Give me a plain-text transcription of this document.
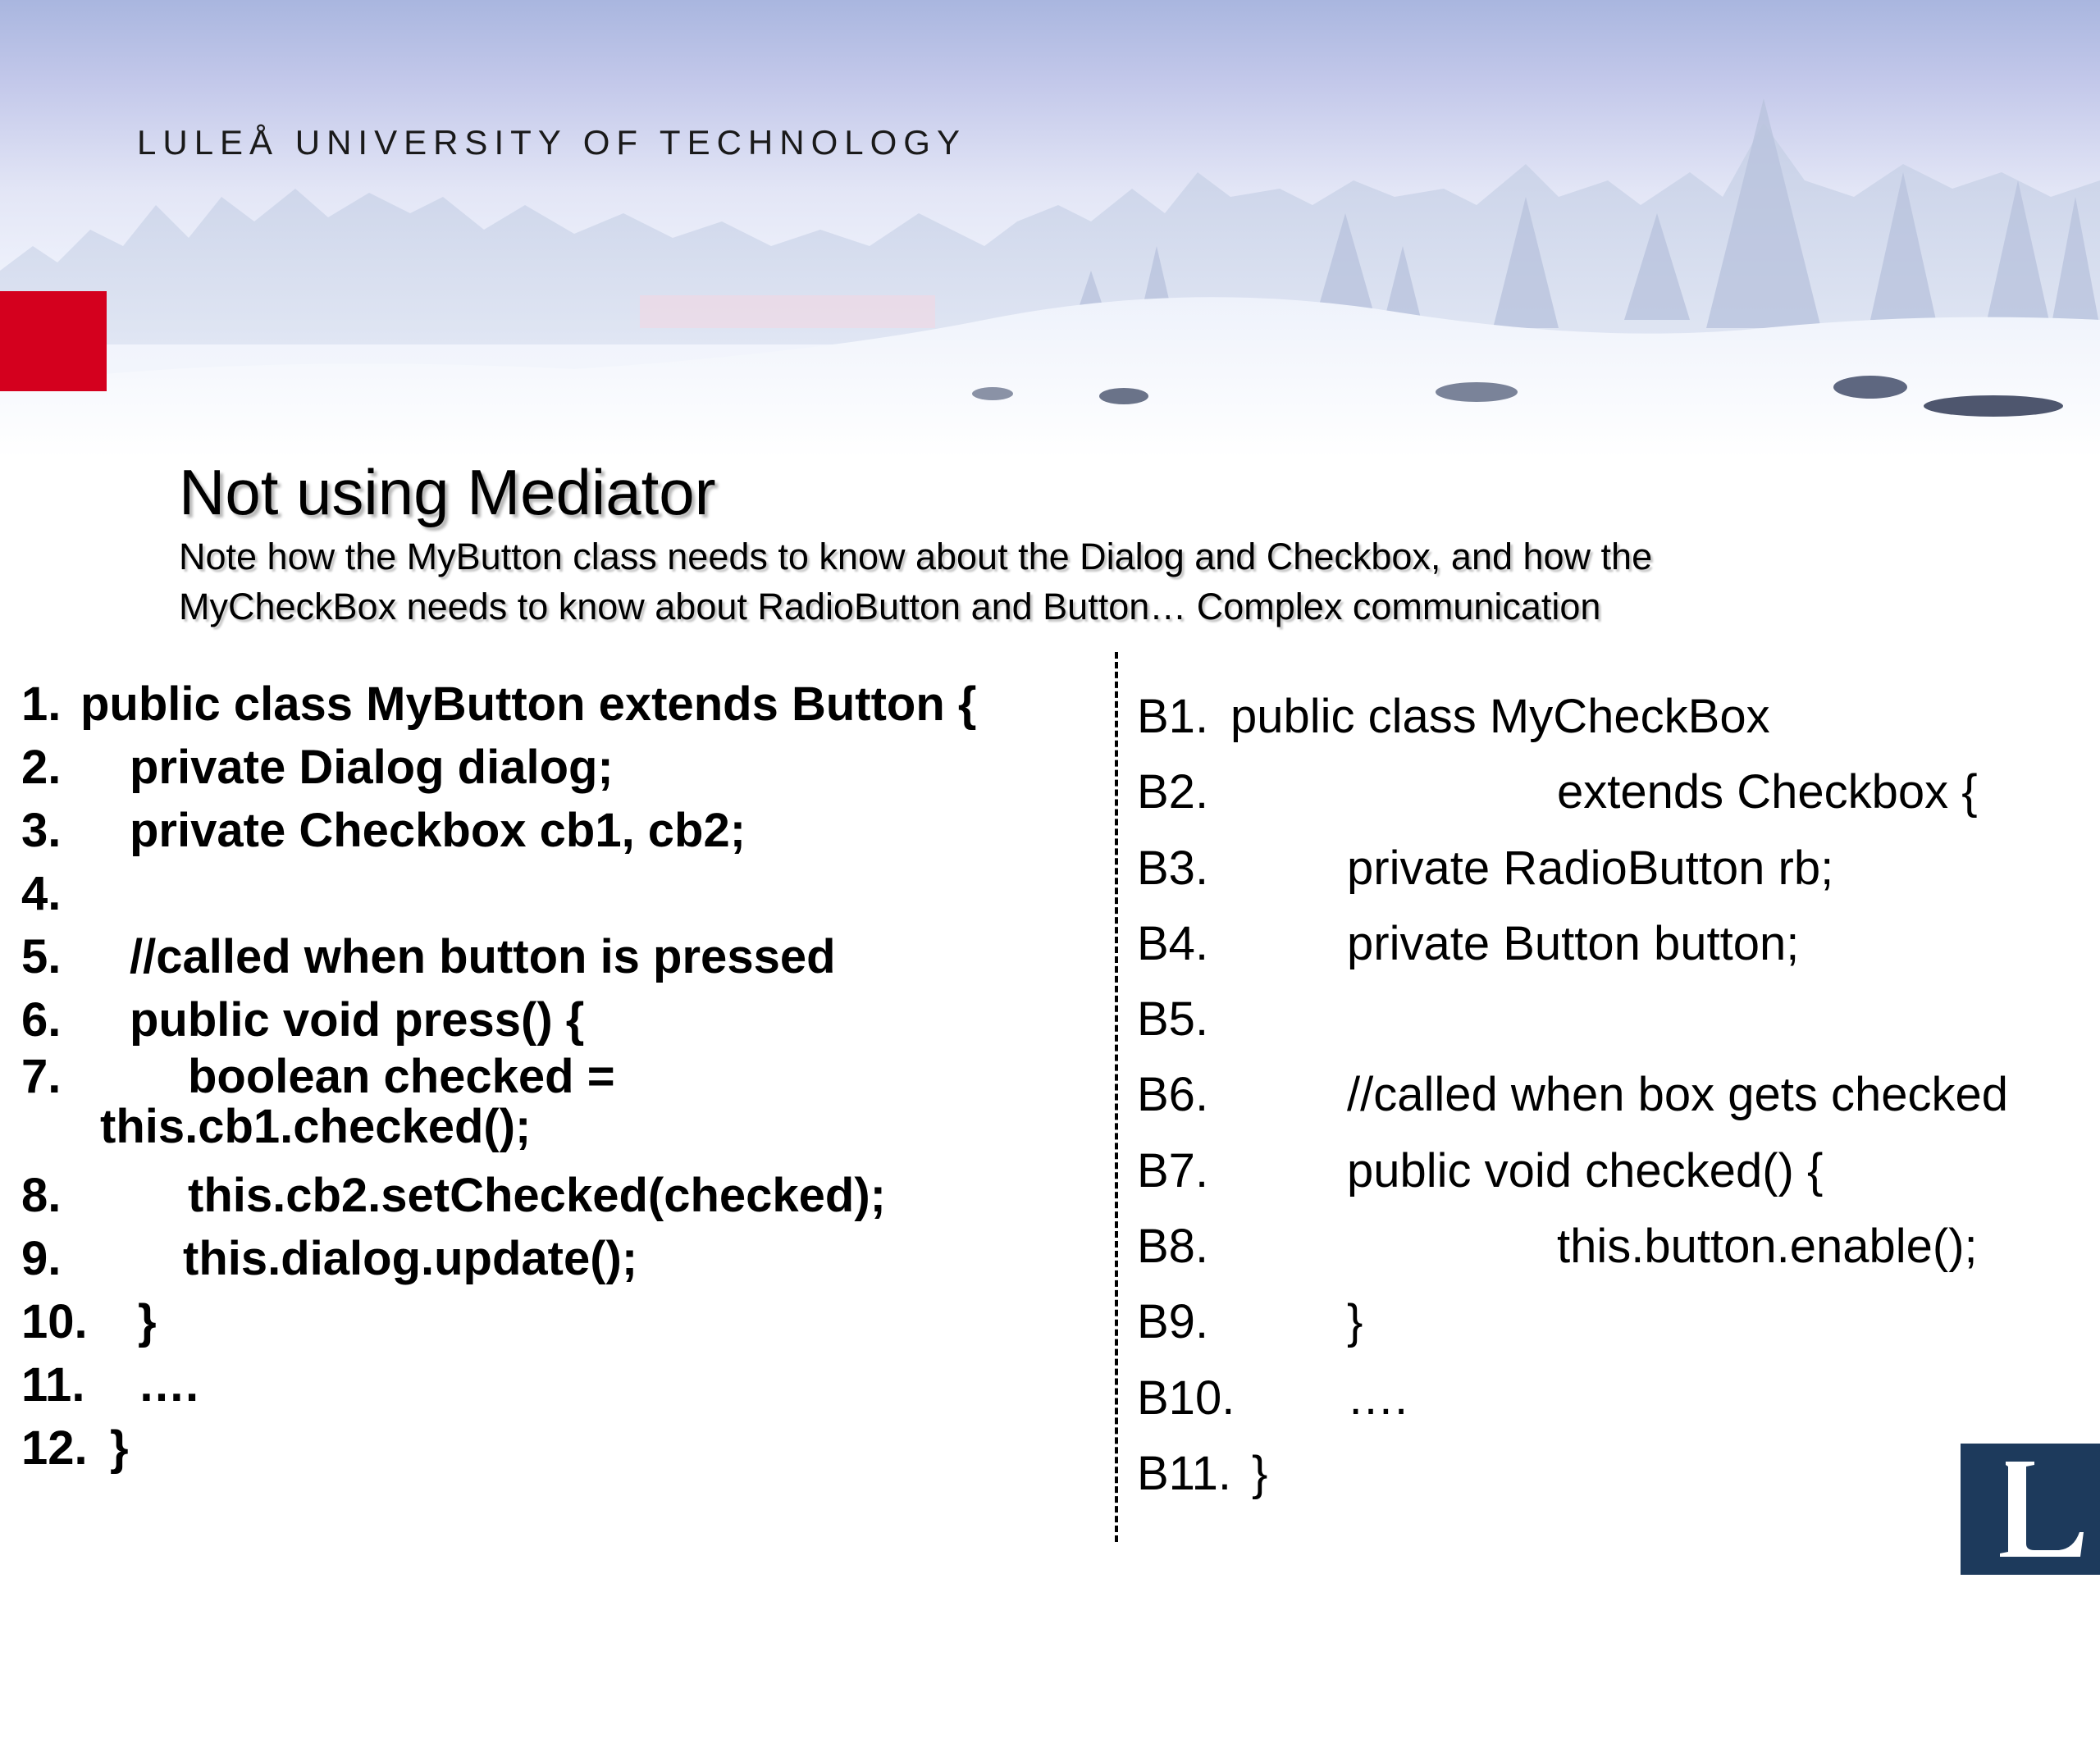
LULEÅ UNIVERSITY OF TECHNOLOGY
Not using Mediator
Note how the MyButton class needs to know about the Dialog and Checkbox, and how the
MyCheckBox needs to know about RadioButton and Button… Complex communication

1.

public class MyButton extends Button {

2.

private Dialog dialog;

3.

private Checkbox cb1, cb2;

4.

5.

//called when button is pressed

6.

public void press() {

7.

	boolean checked =

this.cb1.checked();

8.

	this.cb2.setChecked(checked);

9.

	this.dialog.update();

10.

}

11.

….

12.

}

B1.

public class MyCheckBox

B2.

	extends Checkbox {

B3.

	private RadioButton rb;

B4.

	private Button button;

B5.

B6.

	//called when box gets checked

B7.

	public void checked() {

B8.

	this.button.enable();

B9.

	}

B10.

….

B11.

}
